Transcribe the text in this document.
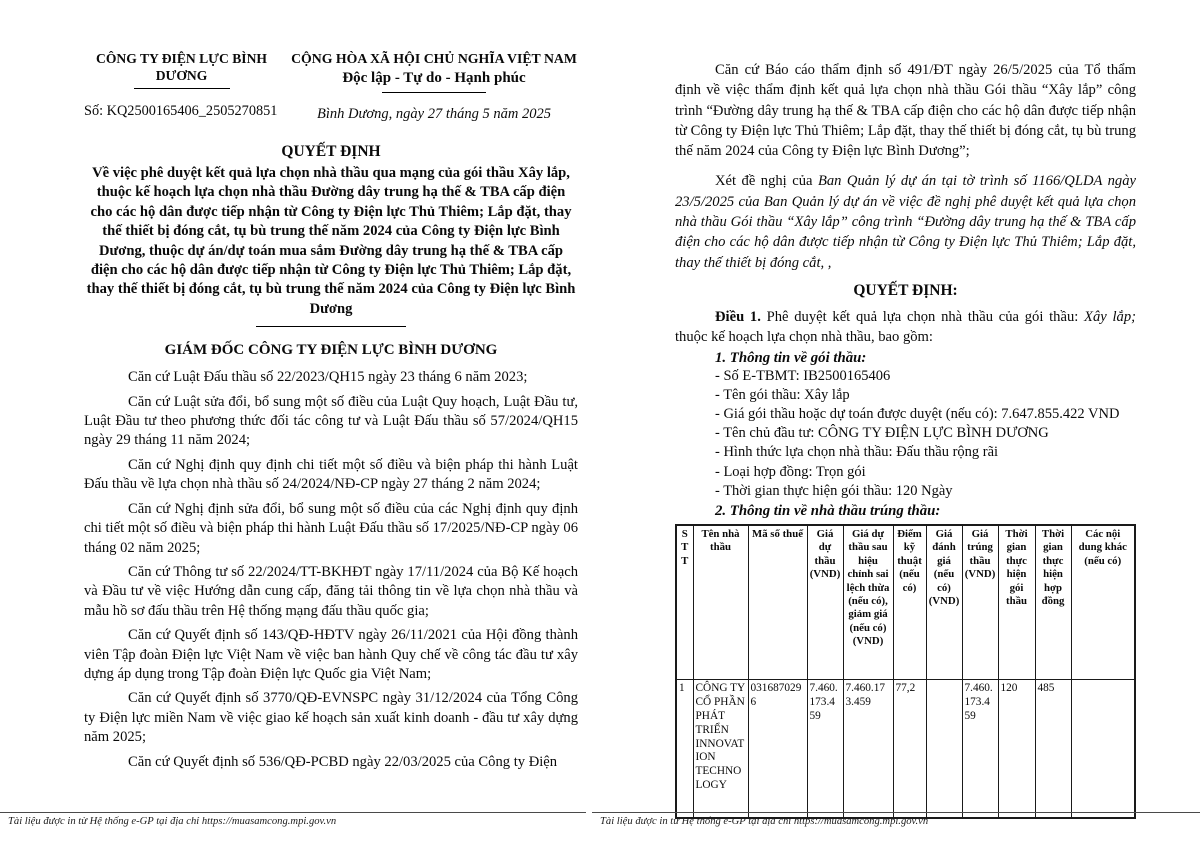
CÔNG TY ĐIỆN LỰC BÌNH DƯƠNG
Số: KQ2500165406_2505270851
CỘNG HÒA XÃ HỘI CHỦ NGHĨA VIỆT NAM
Độc lập - Tự do - Hạnh phúc
Bình Dương, ngày 27 tháng 5 năm 2025
QUYẾT ĐỊNH
Về việc phê duyệt kết quả lựa chọn nhà thầu qua mạng của gói thầu Xây lắp, thuộc kế hoạch lựa chọn nhà thầu Đường dây trung hạ thế & TBA cấp điện cho các hộ dân được tiếp nhận từ Công ty Điện lực Thủ Thiêm; Lắp đặt, thay thế thiết bị đóng cắt, tụ bù trung thế năm 2024 của Công ty Điện lực Bình Dương, thuộc dự án/dự toán mua sắm Đường dây trung hạ thế & TBA cấp điện cho các hộ dân được tiếp nhận từ Công ty Điện lực Thủ Thiêm; Lắp đặt, thay thế thiết bị đóng cắt, tụ bù trung thế năm 2024 của Công ty Điện lực Bình Dương
GIÁM ĐỐC CÔNG TY ĐIỆN LỰC BÌNH DƯƠNG

Căn cứ Luật Đấu thầu số 22/2023/QH15 ngày 23 tháng 6 năm 2023;

Căn cứ Luật sửa đổi, bổ sung một số điều của Luật Quy hoạch, Luật Đầu tư, Luật Đầu tư theo phương thức đối tác công tư và Luật Đấu thầu số 57/2024/QH15 ngày 29 tháng 11 năm 2024;

Căn cứ Nghị định quy định chi tiết một số điều và biện pháp thi hành Luật Đấu thầu về lựa chọn nhà thầu số 24/2024/NĐ-CP ngày 27 tháng 2 năm 2024;

Căn cứ Nghị định sửa đổi, bổ sung một số điều của các Nghị định quy định chi tiết một số điều và biện pháp thi hành Luật Đấu thầu số 17/2025/NĐ-CP ngày 06 tháng 02 năm 2025;

Căn cứ Thông tư số 22/2024/TT-BKHĐT ngày 17/11/2024 của Bộ Kế hoạch và Đầu tư về việc Hướng dẫn cung cấp, đăng tải thông tin về lựa chọn nhà thầu và mẫu hồ sơ đấu thầu trên Hệ thống mạng đấu thầu quốc gia;

Căn cứ Quyết định số 143/QĐ-HĐTV ngày 26/11/2021 của Hội đồng thành viên Tập đoàn Điện lực Việt Nam về việc ban hành Quy chế về công tác đầu tư xây dựng áp dụng trong Tập đoàn Điện lực Quốc gia Việt Nam;

Căn cứ Quyết định số 3770/QĐ-EVNSPC ngày 31/12/2024 của Tổng Công ty Điện lực miền Nam về việc giao kế hoạch sản xuất kinh doanh - đầu tư xây dựng năm 2025;

Căn cứ Quyết định số 536/QĐ-PCBD ngày 22/03/2025 của Công ty Điện

Căn cứ Báo cáo thẩm định số 491/ĐT ngày 26/5/2025 của Tổ thẩm định về việc thẩm định kết quả lựa chọn nhà thầu Gói thầu “Xây lắp” công trình “Đường dây trung hạ thế & TBA cấp điện cho các hộ dân được tiếp nhận từ Công ty Điện lực Thủ Thiêm; Lắp đặt, thay thế thiết bị đóng cắt, tụ bù trung thế năm 2024 của Công ty Điện lực Bình Dương”;

Xét đề nghị của Ban Quản lý dự án tại tờ trình số 1166/QLDA ngày 23/5/2025 của Ban Quản lý dự án về việc đề nghị phê duyệt kết quả lựa chọn nhà thầu Gói thầu “Xây lắp” công trình “Đường dây trung hạ thế & TBA cấp điện cho các hộ dân được tiếp nhận từ Công ty Điện lực Thủ Thiêm; Lắp đặt, thay thế thiết bị đóng cắt, ,

QUYẾT ĐỊNH:

Điều 1. Phê duyệt kết quả lựa chọn nhà thầu của gói thầu: Xây lắp; thuộc kế hoạch lựa chọn nhà thầu, bao gồm:

1. Thông tin về gói thầu:
- Số E-TBMT: IB2500165406
- Tên gói thầu: Xây lắp
- Giá gói thầu hoặc dự toán được duyệt (nếu có): 7.647.855.422 VND
- Tên chủ đầu tư: CÔNG TY ĐIỆN LỰC BÌNH DƯƠNG
- Hình thức lựa chọn nhà thầu: Đấu thầu rộng rãi
- Loại hợp đồng: Trọn gói
- Thời gian thực hiện gói thầu: 120 Ngày
2. Thông tin về nhà thầu trúng thầu:
STT	Tên nhà thầu	Mã số thuế	Giá dự thầu (VND)	Giá dự thầu sau hiệu chỉnh sai lệch thừa (nếu có), giảm giá (nếu có) (VND)	Điểm kỹ thuật (nếu có)	Giá đánh giá (nếu có) (VND)	Giá trúng thầu (VND)	Thời gian thực hiện gói thầu	Thời gian thực hiện hợp đồng	Các nội dung khác (nếu có)
1	CÔNG TY CỔ PHẦN PHÁT TRIỂN INNOVATION TECHNOLOGY	0316870296	7.460.173.459	7.460.173.459	77,2		7.460.173.459	120	485	
Tài liệu được in từ Hệ thống e-GP tại địa chỉ https://muasamcong.mpi.gov.vn	Tài liệu được in từ Hệ thống e-GP tại địa chỉ https://muasamcong.mpi.gov.vn
